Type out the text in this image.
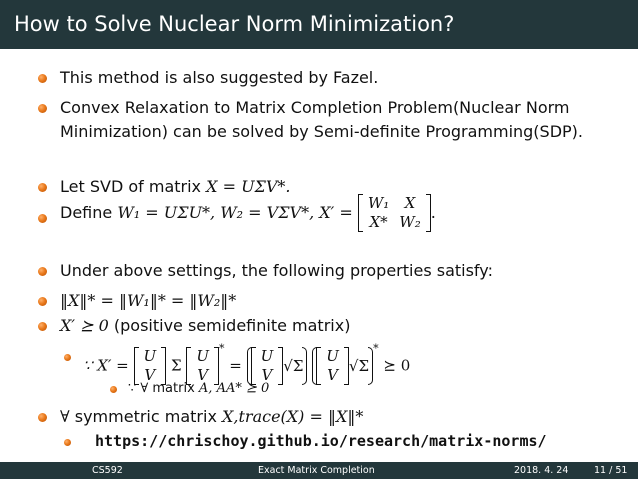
How to Solve Nuclear Norm Minimization?
This method is also suggested by Fazel.
Convex Relaxation to Matrix Completion Problem(Nuclear Norm
Minimization) can be solved by Semi-definite Programming(SDP).
Let SVD of matrix X = UΣV*.
Define W₁ = UΣU*, W₂ = VΣV*, X′ = W₁	X
X*	W₂ .
Under above settings, the following properties satisfy:
‖X‖* = ‖W₁‖* = ‖W₂‖*
X′ ⪰ 0 (positive semidefinite matrix)
∵ X′ =
U
V Σ
U
V
* =
U
V √Σ
U
V √Σ* ⪰ 0
∵ ∀ matrix A, AA* ⪰ 0
∀ symmetric matrix X,trace(X) = ‖X‖*
https://chrischoy.github.io/research/matrix-norms/
CS592	Exact Matrix Completion	2018. 4. 24	11 / 51
